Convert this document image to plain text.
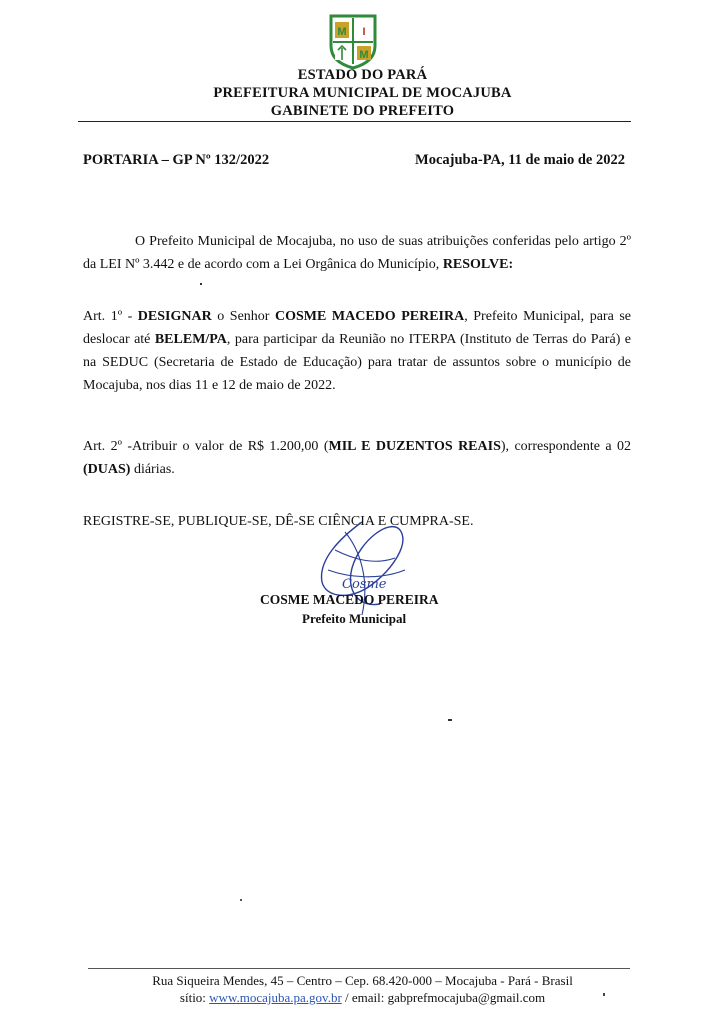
M I
M
ESTADO DO PARÁ
PREFEITURA MUNICIPAL DE MOCAJUBA
GABINETE DO PREFEITO
PORTARIA – GP Nº 132/2022	Mocajuba-PA, 11 de maio de 2022

O Prefeito Municipal de Mocajuba, no uso de suas atribuições conferidas pelo artigo 2º da LEI Nº 3.442 e de acordo com a Lei Orgânica do Município, RESOLVE:

Art. 1º - DESIGNAR o Senhor COSME MACEDO PEREIRA, Prefeito Municipal, para se deslocar até BELEM/PA, para participar da Reunião no ITERPA (Instituto de Terras do Pará) e na SEDUC (Secretaria de Estado de Educação) para tratar de assuntos sobre o município de Mocajuba, nos dias 11 e 12 de maio de 2022.

Art. 2º -Atribuir o valor de R$ 1.200,00 (MIL E DUZENTOS REAIS), correspondente a 02 (DUAS) diárias.

REGISTRE-SE, PUBLIQUE-SE, DÊ-SE CIÊNCIA E CUMPRA-SE.

Cosme
COSME MACEDO PEREIRA
Prefeito Municipal
Rua Siqueira Mendes, 45 – Centro – Cep. 68.420-000 – Mocajuba - Pará - Brasil
sítio: www.mocajuba.pa.gov.br / email: gabprefmocajuba@gmail.com
